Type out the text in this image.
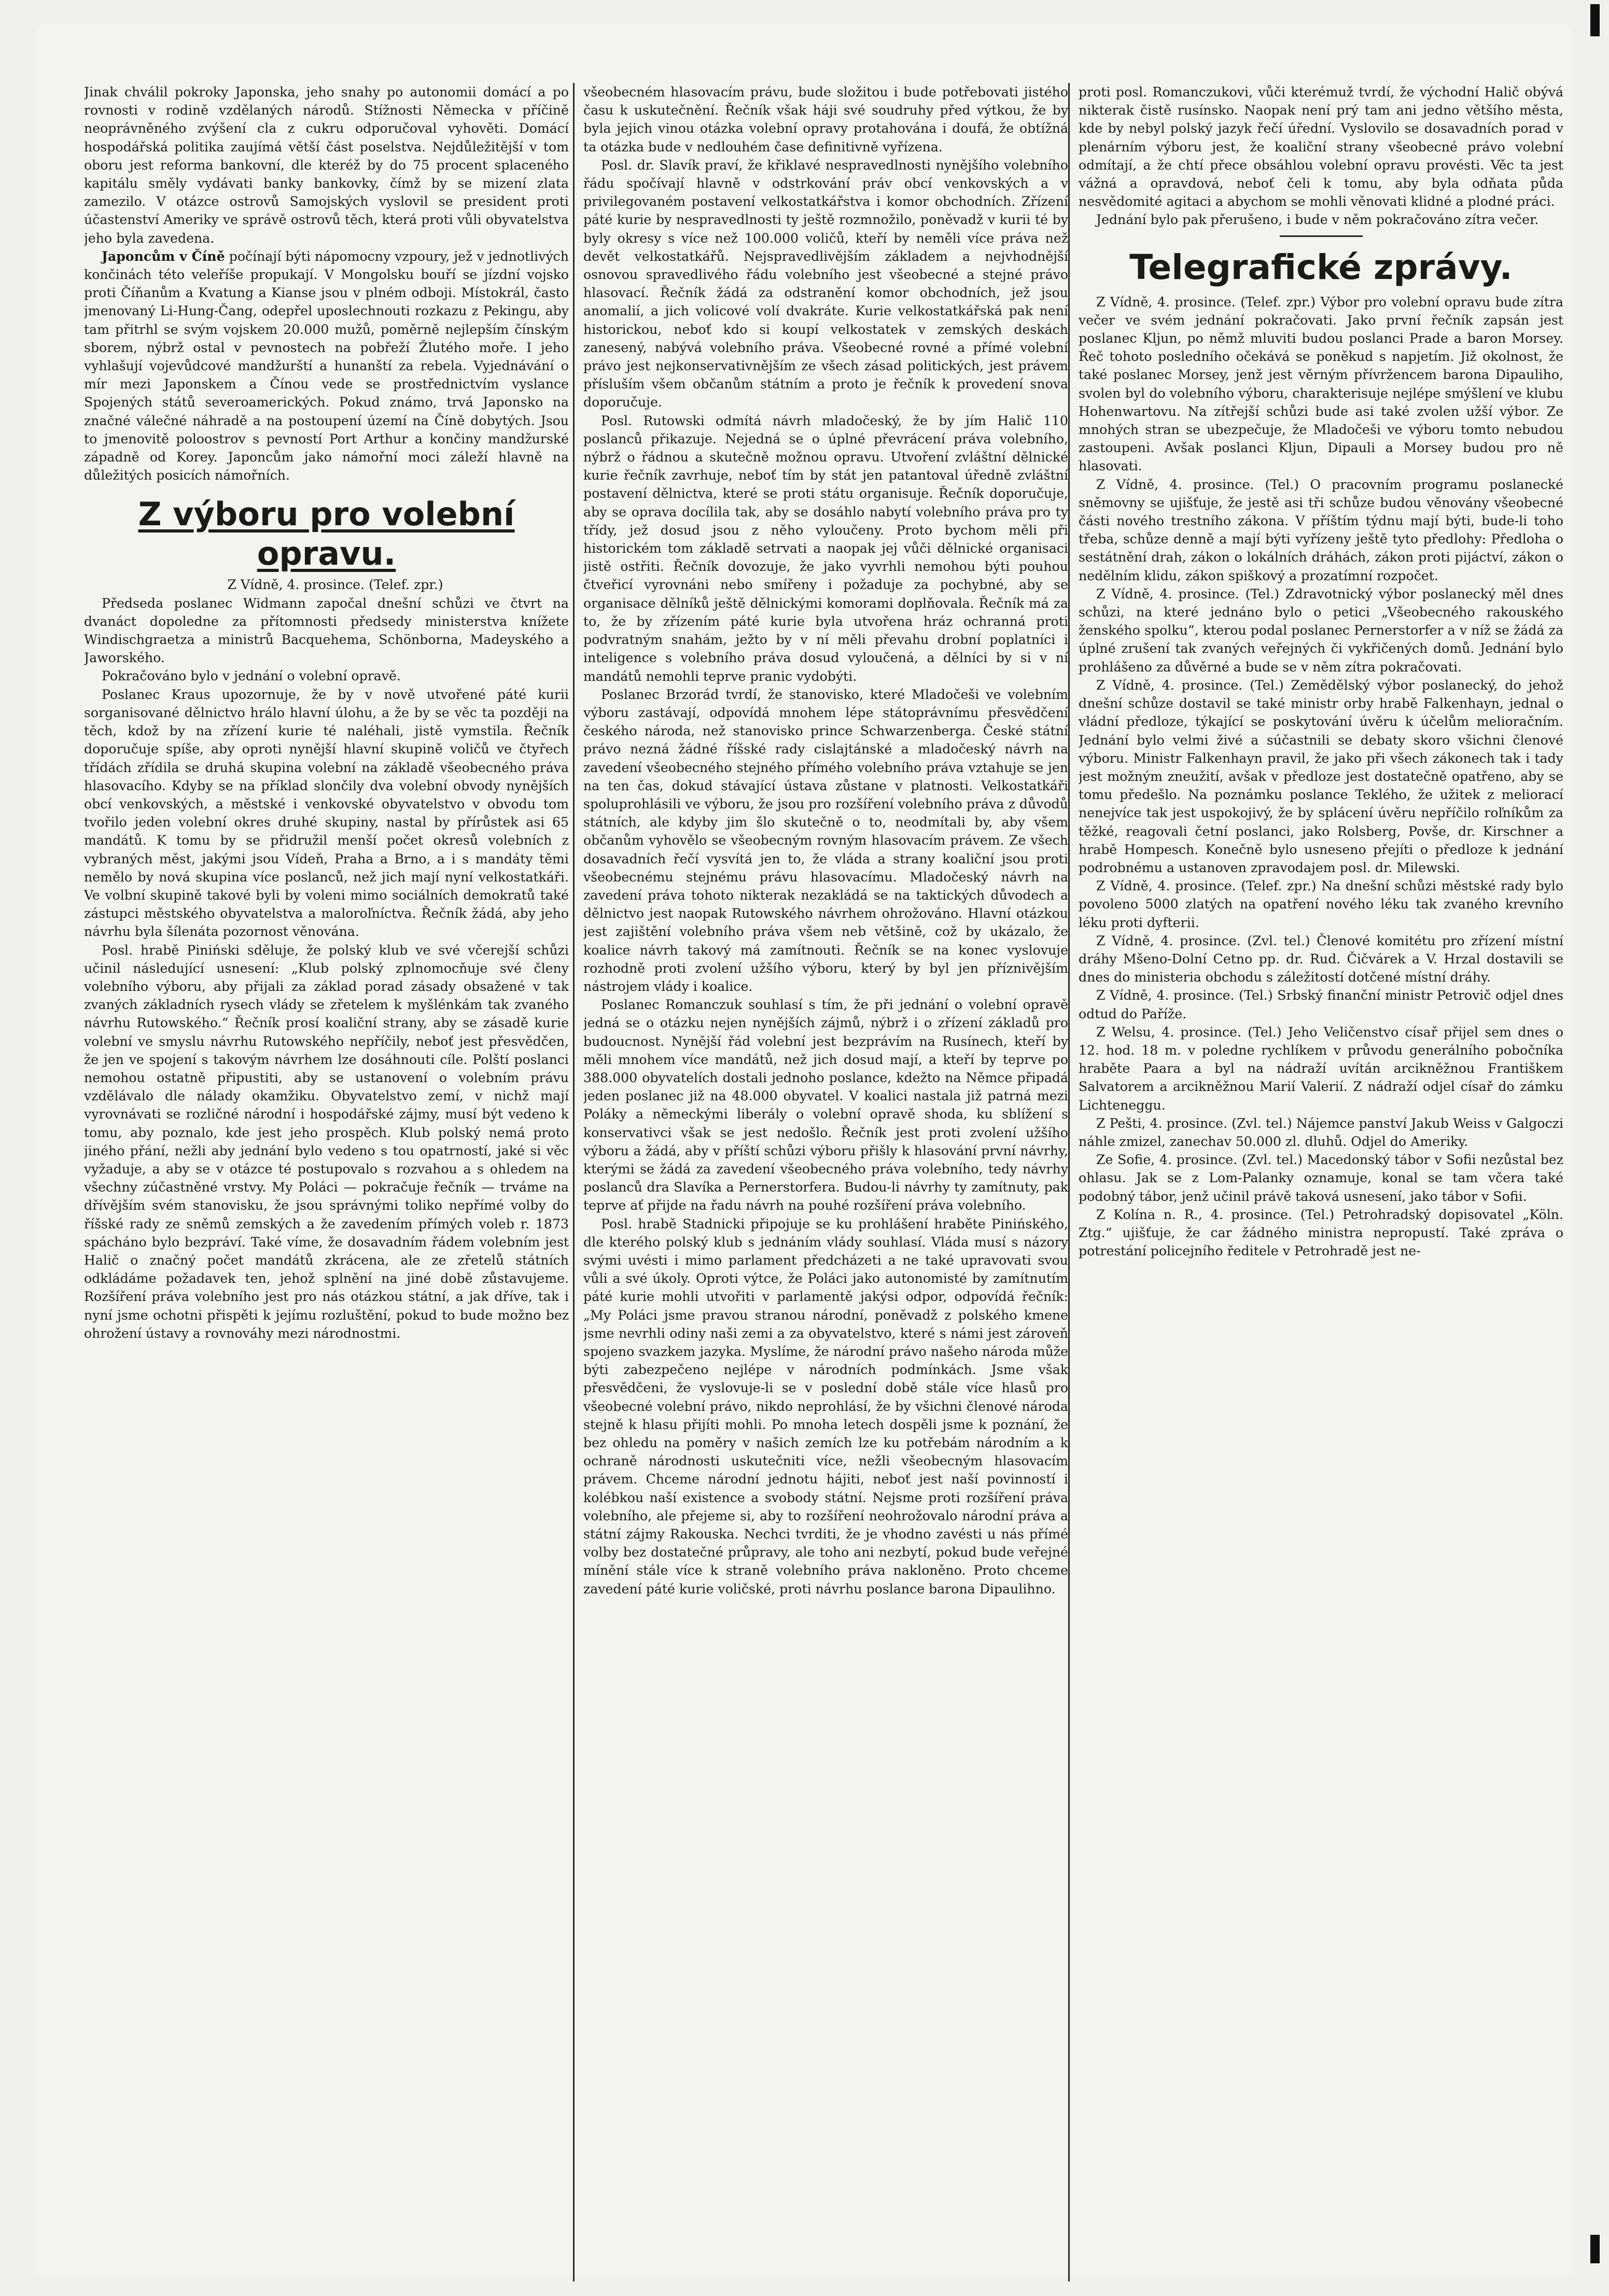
Jinak chválil pokroky Japonska, jeho snahy po autonomii domácí a po rovnosti v rodině vzdělaných národů. Stížnosti Německa v příčině neoprávněného zvýšení cla z cukru odporučoval vyhověti. Domácí hospodářská politika zaujímá větší část poselstva. Nejdůležitější v tom oboru jest reforma bankovní, dle kteréž by do 75 procent splaceného kapitálu směly vydávati banky bankovky, čímž by se mizení zlata zamezilo. V otázce ostrovů Samojských vyslovil se president proti účastenství Ameriky ve správě ostrovů těch, která proti vůli obyvatelstva jeho byla zavedena.

Japoncům v Číně počínají býti nápomocny vzpoury, jež v jednotlivých končinách této veleříše propukají. V Mongolsku bouří se jízdní vojsko proti Číňanům a Kvatung a Kianse jsou v plném odboji. Místokrál, často jmenovaný Li-Hung-Čang, odepřel uposlechnouti rozkazu z Pekingu, aby tam přitrhl se svým vojskem 20.000 mužů, poměrně nejlepším čínským sborem, nýbrž ostal v pevnostech na pobřeží Žlutého moře. I jeho vyhlašují vojevůdcové mandžurští a hunanští za rebela. Vyjednávání o mír mezi Japonskem a Čínou vede se prostřednictvím vyslance Spojených států severoamerických. Pokud známo, trvá Japonsko na značné válečné náhradě a na postoupení území na Číně dobytých. Jsou to jmenovitě poloostrov s pevností Port Arthur a končiny mandžurské západně od Korey. Japoncům jako námořní moci záleží hlavně na důležitých posicích námořních.

Z výboru pro volební opravu.

Z Vídně, 4. prosince. (Telef. zpr.)

Předseda poslanec Widmann započal dnešní schůzi ve čtvrt na dvanáct dopoledne za přítomnosti předsedy ministerstva knížete Windischgraetza a ministrů Bacquehema, Schönborna, Madeyského a Jaworského.

Pokračováno bylo v jednání o volební opravě.

Poslanec Kraus upozornuje, že by v nově utvořené páté kurii sorganisované dělnictvo hrálo hlavní úlohu, a že by se věc ta později na těch, kdož by na zřízení kurie té naléhali, jistě vymstila. Řečník doporučuje spíše, aby oproti nynější hlavní skupině voličů ve čtyřech třídách zřídila se druhá skupina volební na základě všeobecného práva hlasovacího. Kdyby se na příklad slončily dva volební obvody nynějších obcí venkovských, a městské i venkovské obyvatelstvo v obvodu tom tvořilo jeden volební okres druhé skupiny, nastal by přírůstek asi 65 mandátů. K tomu by se přidružil menší počet okresů volebních z vybraných měst, jakými jsou Vídeň, Praha a Brno, a i s mandáty těmi nemělo by nová skupina více poslanců, než jich mají nyní velkostatkáři. Ve volbní skupině takové byli by voleni mimo sociálních demokratů také zástupci městského obyvatelstva a maloroľníctva. Řečník žádá, aby jeho návrhu byla šílenáta pozornost věnována.

Posl. hrabě Piniński sděluje, že polský klub ve své včerejší schůzi učinil následující usnesení: „Klub polský zplnomocňuje své členy volebního výboru, aby přijali za základ porad zásady obsažené v tak zvaných základních rysech vlády se zřetelem k myšlénkám tak zvaného návrhu Rutowského.“ Řečník prosí koaliční strany, aby se zásadě kurie volební ve smyslu návrhu Rutowského nepříčily, neboť jest přesvědčen, že jen ve spojení s takovým návrhem lze dosáhnouti cíle. Polští poslanci nemohou ostatně připustiti, aby se ustanovení o volebním právu vzdělávalo dle nálady okamžiku. Obyvatelstvo zemí, v nichž mají vyrovnávati se rozličné národní i hospodářské zájmy, musí být vedeno k tomu, aby poznalo, kde jest jeho prospěch. Klub polský nemá proto jiného přání, nežli aby jednání bylo vedeno s tou opatrností, jaké si věc vyžaduje, a aby se v otázce té postupovalo s rozvahou a s ohledem na všechny zúčastněné vrstvy. My Poláci — pokračuje řečník — trváme na dřívějším svém stanovisku, že jsou správnými toliko nepřímé volby do říšské rady ze sněmů zemských a že zavedením přímých voleb r. 1873 spácháno bylo bezpráví. Také víme, že dosavadním řádem volebním jest Halič o značný počet mandátů zkrácena, ale ze zřetelů státních odkládáme požadavek ten, jehož splnění na jiné době zůstavujeme. Rozšíření práva volebního jest pro nás otázkou státní, a jak dříve, tak i nyní jsme ochotni přispěti k jejímu rozluštění, pokud to bude možno bez ohrožení ústavy a rovnováhy mezi národnostmi.

všeobecném hlasovacím právu, bude složitou i bude potřebovati jistého času k uskutečnění. Řečník však háji své soudruhy před výtkou, že by byla jejich vinou otázka volební opravy protahována i doufá, že obtížná ta otázka bude v nedlouhém čase definitivně vyřízena.

Posl. dr. Slavík praví, že křiklavé nespravedlnosti nynějšího volebního řádu spočívají hlavně v odstrkování práv obcí venkovských a v privilegovaném postavení velkostatkářstva i komor obchodních. Zřízení páté kurie by nespravedlnosti ty ještě rozmnožilo, poněvadž v kurii té by byly okresy s více než 100.000 voličů, kteří by neměli více práva než devět velkostatkářů. Nejspravedlivějším základem a nejvhodnější osnovou spravedlivého řádu volebního jest všeobecné a stejné právo hlasovací. Řečník žádá za odstranění komor obchodních, jež jsou anomalií, a jich volicové volí dvakráte. Kurie velkostatkářská pak není historickou, neboť kdo si koupí velkostatek v zemských deskách zanesený, nabývá volebního práva. Všeobecné rovné a přímé volební právo jest nejkonservativnějším ze všech zásad politických, jest právem přísluším všem občanům státním a proto je řečník k provedení snova doporučuje.

Posl. Rutowski odmítá návrh mladočeský, že by jím Halič 110 poslanců přikazuje. Nejedná se o úplné převrácení práva volebního, nýbrž o řádnou a skutečně možnou opravu. Utvoření zvláštní dělnické kurie řečník zavrhuje, neboť tím by stát jen patantoval úředně zvláštní postavení dělnictva, které se proti státu organisuje. Řečník doporučuje, aby se oprava docílila tak, aby se dosáhlo nabytí volebního práva pro ty třídy, jež dosud jsou z něho vyloučeny. Proto bychom měli při historickém tom základě setrvati a naopak jej vůči dělnické organisaci jistě ostřiti. Řečník dovozuje, že jako vyvrhli nemohou býti pouhou čtveřicí vyrovnáni nebo smířeny i požaduje za pochybné, aby se organisace dělníků ještě dělnickými komorami doplňovala. Řečník má za to, že by zřízením páté kurie byla utvořena hráz ochranná proti podvratným snahám, ježto by v ní měli převahu drobní poplatníci i inteligence s volebního práva dosud vyloučená, a dělníci by si v ní mandátů nemohli teprve pranic vydobýti.

Poslanec Brzorád tvrdí, že stanovisko, které Mladočeši ve volebním výboru zastávají, odpovídá mnohem lépe státoprávnímu přesvědčení českého národa, než stanovisko prince Schwarzenberga. České státní právo nezná žádné říšské rady cislajtánské a mladočeský návrh na zavedení všeobecného stejného přímého volebního práva vztahuje se jen na ten čas, dokud stávající ústava zůstane v platnosti. Velkostatkáři spoluprohlásili ve výboru, že jsou pro rozšíření volebního práva z důvodů státních, ale kdyby jim šlo skutečně o to, neodmítali by, aby všem občanům vyhovělo se všeobecným rovným hlasovacím právem. Ze všech dosavadních řečí vysvítá jen to, že vláda a strany koaliční jsou proti všeobecnému stejnému právu hlasovacímu. Mladočeský návrh na zavedení práva tohoto nikterak nezakládá se na taktických důvodech a dělnictvo jest naopak Rutowského návrhem ohrožováno. Hlavní otázkou jest zajištění volebního práva všem neb většině, což by ukázalo, že koalice návrh takový má zamítnouti. Řečník se na konec vyslovuje rozhodně proti zvolení užšího výboru, který by byl jen příznivějším nástrojem vlády i koalice.

Poslanec Romanczuk souhlasí s tím, že při jednání o volební opravě jedná se o otázku nejen nynějších zájmů, nýbrž i o zřízení základů pro budoucnost. Nynější řád volební jest bezprávím na Rusínech, kteří by měli mnohem více mandátů, než jich dosud mají, a kteří by teprve po 388.000 obyvatelích dostali jednoho poslance, kdežto na Němce připadá jeden poslanec již na 48.000 obyvatel. V koalici nastala již patrná mezi Poláky a německými liberály o volební opravě shoda, ku sblížení s konservativci však se jest nedošlo. Řečník jest proti zvolení užšího výboru a žádá, aby v příští schůzi výboru přišly k hlasování první návrhy, kterými se žádá za zavedení všeobecného práva volebního, tedy návrhy poslanců dra Slavíka a Pernerstorfera. Budou-li návrhy ty zamítnuty, pak teprve ať přijde na řadu návrh na pouhé rozšíření práva volebního.

Posl. hrabě Stadnicki připojuje se ku prohlášení hraběte Pinińského, dle kterého polský klub s jednáním vlády souhlasí. Vláda musí s názory svými uvésti i mimo parlament předcházeti a ne také upravovati svou vůli a své úkoly. Oproti výtce, že Poláci jako autonomisté by zamítnutím páté kurie mohli utvořiti v parlamentě jakýsi odpor, odpovídá řečník: „My Poláci jsme pravou stranou národní, poněvadž z polského kmene jsme nevrhli odiny naši zemi a za obyvatelstvo, které s námi jest zároveň spojeno svazkem jazyka. Myslíme, že národní právo našeho národa může býti zabezpečeno nejlépe v národních podmínkách. Jsme však přesvědčeni, že vyslovuje-li se v poslední době stále více hlasů pro všeobecné volební právo, nikdo neprohlásí, že by všichni členové národa stejně k hlasu přijíti mohli. Po mnoha letech dospěli jsme k poznání, že bez ohledu na poměry v našich zemích lze ku potřebám národním a k ochraně národnosti uskutečniti více, nežli všeobecným hlasovacím právem. Chceme národní jednotu hájiti, neboť jest naší povinností i kolébkou naší existence a svobody státní. Nejsme proti rozšíření práva volebního, ale přejeme si, aby to rozšíření neohrožovalo národní práva a státní zájmy Rakouska. Nechci tvrditi, že je vhodno zavésti u nás přímé volby bez dostatečné průpravy, ale toho ani nezbytí, pokud bude veřejné mínění stále více k straně volebního práva nakloněno. Proto chceme zavedení páté kurie voličské, proti návrhu poslance barona Dipaulihno.

proti posl. Romanczukovi, vůči kterémuž tvrdí, že východní Halič obývá nikterak čistě rusínsko. Naopak není prý tam ani jedno většího města, kde by nebyl polský jazyk řečí úřední. Vyslovilo se dosavadních porad v plenárním výboru jest, že koaliční strany všeobecné právo volební odmítají, a že chtí přece obsáhlou volební opravu provésti. Věc ta jest vážná a opravdová, neboť čeli k tomu, aby byla odňata půda nesvědomité agitaci a abychom se mohli věnovati klidné a plodné práci.

Jednání bylo pak přerušeno, i bude v něm pokračováno zítra večer.

Telegrafické zprávy.

Z Vídně, 4. prosince. (Telef. zpr.) Výbor pro volební opravu bude zítra večer ve svém jednání pokračovati. Jako první řečník zapsán jest poslanec Kljun, po němž mluviti budou poslanci Prade a baron Morsey. Řeč tohoto posledního očekává se poněkud s napjetím. Již okolnost, že také poslanec Morsey, jenž jest věrným přívržencem barona Dipauliho, svolen byl do volebního výboru, charakterisuje nejlépe smýšlení ve klubu Hohenwartovu. Na zítřejší schůzi bude asi také zvolen užší výbor. Ze mnohých stran se ubezpečuje, že Mladočeši ve výboru tomto nebudou zastoupeni. Avšak poslanci Kljun, Dipauli a Morsey budou pro ně hlasovati.

Z Vídně, 4. prosince. (Tel.) O pracovním programu poslanecké sněmovny se ujišťuje, že jestě asi tři schůze budou věnovány všeobecné části nového trestního zákona. V příštím týdnu mají býti, bude-li toho třeba, schůze denně a mají býti vyřízeny ještě tyto předlohy: Předloha o sestátnění drah, zákon o lokálních dráhách, zákon proti pijáctví, zákon o nedělním klidu, zákon spiškový a prozatímní rozpočet.

Z Vídně, 4. prosince. (Tel.) Zdravotnický výbor poslanecký měl dnes schůzi, na které jednáno bylo o petici „Všeobecného rakouského ženského spolku“, kterou podal poslanec Pernerstorfer a v níž se žádá za úplné zrušení tak zvaných veřejných či vykřičených domů. Jednání bylo prohlášeno za důvěrné a bude se v něm zítra pokračovati.

Z Vídně, 4. prosince. (Tel.) Zemědělský výbor poslanecký, do jehož dnešní schůze dostavil se také ministr orby hrabě Falkenhayn, jednal o vládní předloze, týkající se poskytování úvěru k účelům melioračním. Jednání bylo velmi živé a súčastnili se debaty skoro všichni členové výboru. Ministr Falkenhayn pravil, že jako při všech zákonech tak i tady jest možným zneužití, avšak v předloze jest dostatečně opatřeno, aby se tomu předešlo. Na poznámku poslance Teklého, že užitek z meliorací nenejvíce tak jest uspokojivý, že by splácení úvěru nepříčilo roľníkům za těžké, reagovali četní poslanci, jako Rolsberg, Povše, dr. Kirschner a hrabě Hompesch. Konečně bylo usneseno přejíti o předloze k jednání podrobnému a ustanoven zpravodajem posl. dr. Milewski.

Z Vídně, 4. prosince. (Telef. zpr.) Na dnešní schůzi městské rady bylo povoleno 5000 zlatých na opatření nového léku tak zvaného krevního léku proti dyfterii.

Z Vídně, 4. prosince. (Zvl. tel.) Členové komitétu pro zřízení místní dráhy Mšeno-Dolní Cetno pp. dr. Rud. Čičvárek a V. Hrzal dostavili se dnes do ministeria obchodu s záležitostí dotčené místní dráhy.

Z Vídně, 4. prosince. (Tel.) Srbský finanční ministr Petrovič odjel dnes odtud do Paříže.

Z Welsu, 4. prosince. (Tel.) Jeho Veličenstvo císař přijel sem dnes o 12. hod. 18 m. v poledne rychlíkem v průvodu generálního pobočníka hraběte Paara a byl na nádraží uvítán arcikněžnou Františkem Salvatorem a arcikněžnou Marií Valerií. Z nádraží odjel císař do zámku Lichteneggu.

Z Pešti, 4. prosince. (Zvl. tel.) Nájemce panství Jakub Weiss v Galgoczi náhle zmizel, zanechav 50.000 zl. dluhů. Odjel do Ameriky.

Ze Sofie, 4. prosince. (Zvl. tel.) Macedonský tábor v Sofii nezůstal bez ohlasu. Jak se z Lom-Palanky oznamuje, konal se tam včera také podobný tábor, jenž učinil právě taková usnesení, jako tábor v Sofii.

Z Kolína n. R., 4. prosince. (Tel.) Petrohradský dopisovatel „Köln. Ztg.“ ujišťuje, že car žádného ministra nepropustí. Také zpráva o potrestání policejního ředitele v Petrohradě jest ne-
